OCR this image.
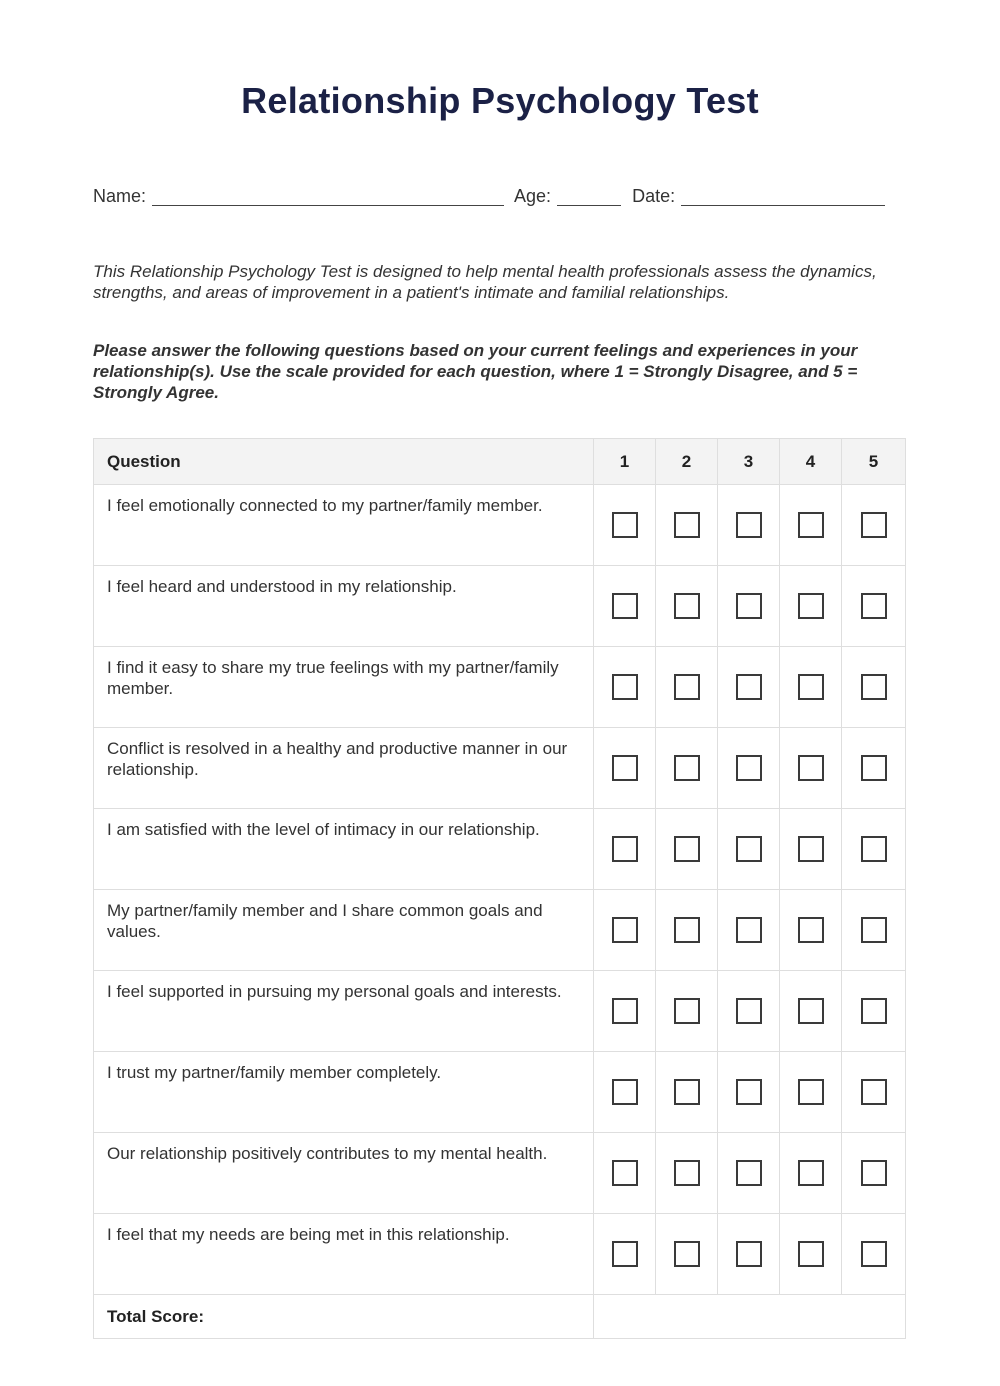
Relationship Psychology Test
Name:	Age:	Date:

This Relationship Psychology Test is designed to help mental health professionals assess the dynamics, strengths, and areas of improvement in a patient's intimate and familial relationships.

Please answer the following questions based on your current feelings and experiences in your relationship(s). Use the scale provided for each question, where 1 = Strongly Disagree, and 5 = Strongly Agree.

Question	1	2	3	4	5
I feel emotionally connected to my partner/family member.					
I feel heard and understood in my relationship.					
I find it easy to share my true feelings with my partner/family member.					
Conflict is resolved in a healthy and productive manner in our relationship.					
I am satisfied with the level of intimacy in our relationship.					
My partner/family member and I share common goals and values.					
I feel supported in pursuing my personal goals and interests.					
I trust my partner/family member completely.					
Our relationship positively contributes to my mental health.					
I feel that my needs are being met in this relationship.					
Total Score:					
